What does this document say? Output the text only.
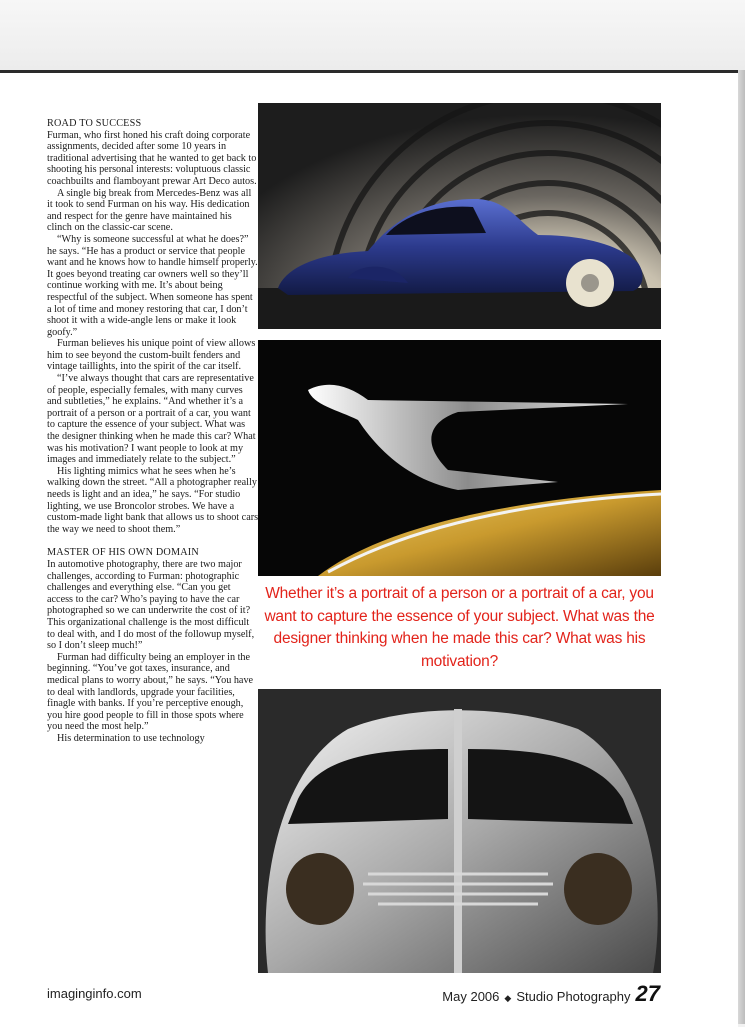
ROAD TO SUCCESS

Furman, who first honed his craft doing corporate assignments, decided after some 10 years in traditional advertising that he wanted to get back to shooting his personal interests: voluptuous classic coachbuilts and flamboyant prewar Art Deco autos.

A single big break from Mercedes-Benz was all it took to send Furman on his way. His dedication and respect for the genre have maintained his clinch on the classic-car scene.

“Why is someone successful at what he does?” he says. “He has a product or service that people want and he knows how to handle himself properly. It goes beyond treating car owners well so they’ll continue working with me. It’s about being respectful of the subject. When someone has spent a lot of time and money restoring that car, I don’t shoot it with a wide-angle lens or make it look goofy.”

Furman believes his unique point of view allows him to see beyond the custom-built fenders and vintage taillights, into the spirit of the car itself.

“I’ve always thought that cars are representative of people, especially females, with many curves and subtleties,” he explains. “And whether it’s a portrait of a person or a portrait of a car, you want to capture the essence of your subject. What was the designer thinking when he made this car? What was his motivation? I want people to look at my images and immediately relate to the subject.”

His lighting mimics what he sees when he’s walking down the street. “All a photographer really needs is light and an idea,” he says. “For studio lighting, we use Broncolor strobes. We have a custom-made light bank that allows us to shoot cars the way we need to shoot them.”

MASTER OF HIS OWN DOMAIN

In automotive photography, there are two major challenges, according to Furman: photographic challenges and everything else. “Can you get access to the car? Who’s paying to have the car photographed so we can underwrite the cost of it? This organizational challenge is the most difficult to deal with, and I do most of the followup myself, so I don’t sleep much!”

Furman had difficulty being an employer in the beginning. “You’ve got taxes, insurance, and medical plans to worry about,” he says. “You have to deal with landlords, upgrade your facilities, finagle with banks. If you’re perceptive enough, you hire good people to fill in those spots where you need the most help.”

His determination to use technology

Whether it’s a portrait of a person or a portrait of a car, you want to capture the essence of your subject. What was the designer thinking when he made this car? What was his motivation?
imaginginfo.com	May 2006 ◆ Studio Photography 27
